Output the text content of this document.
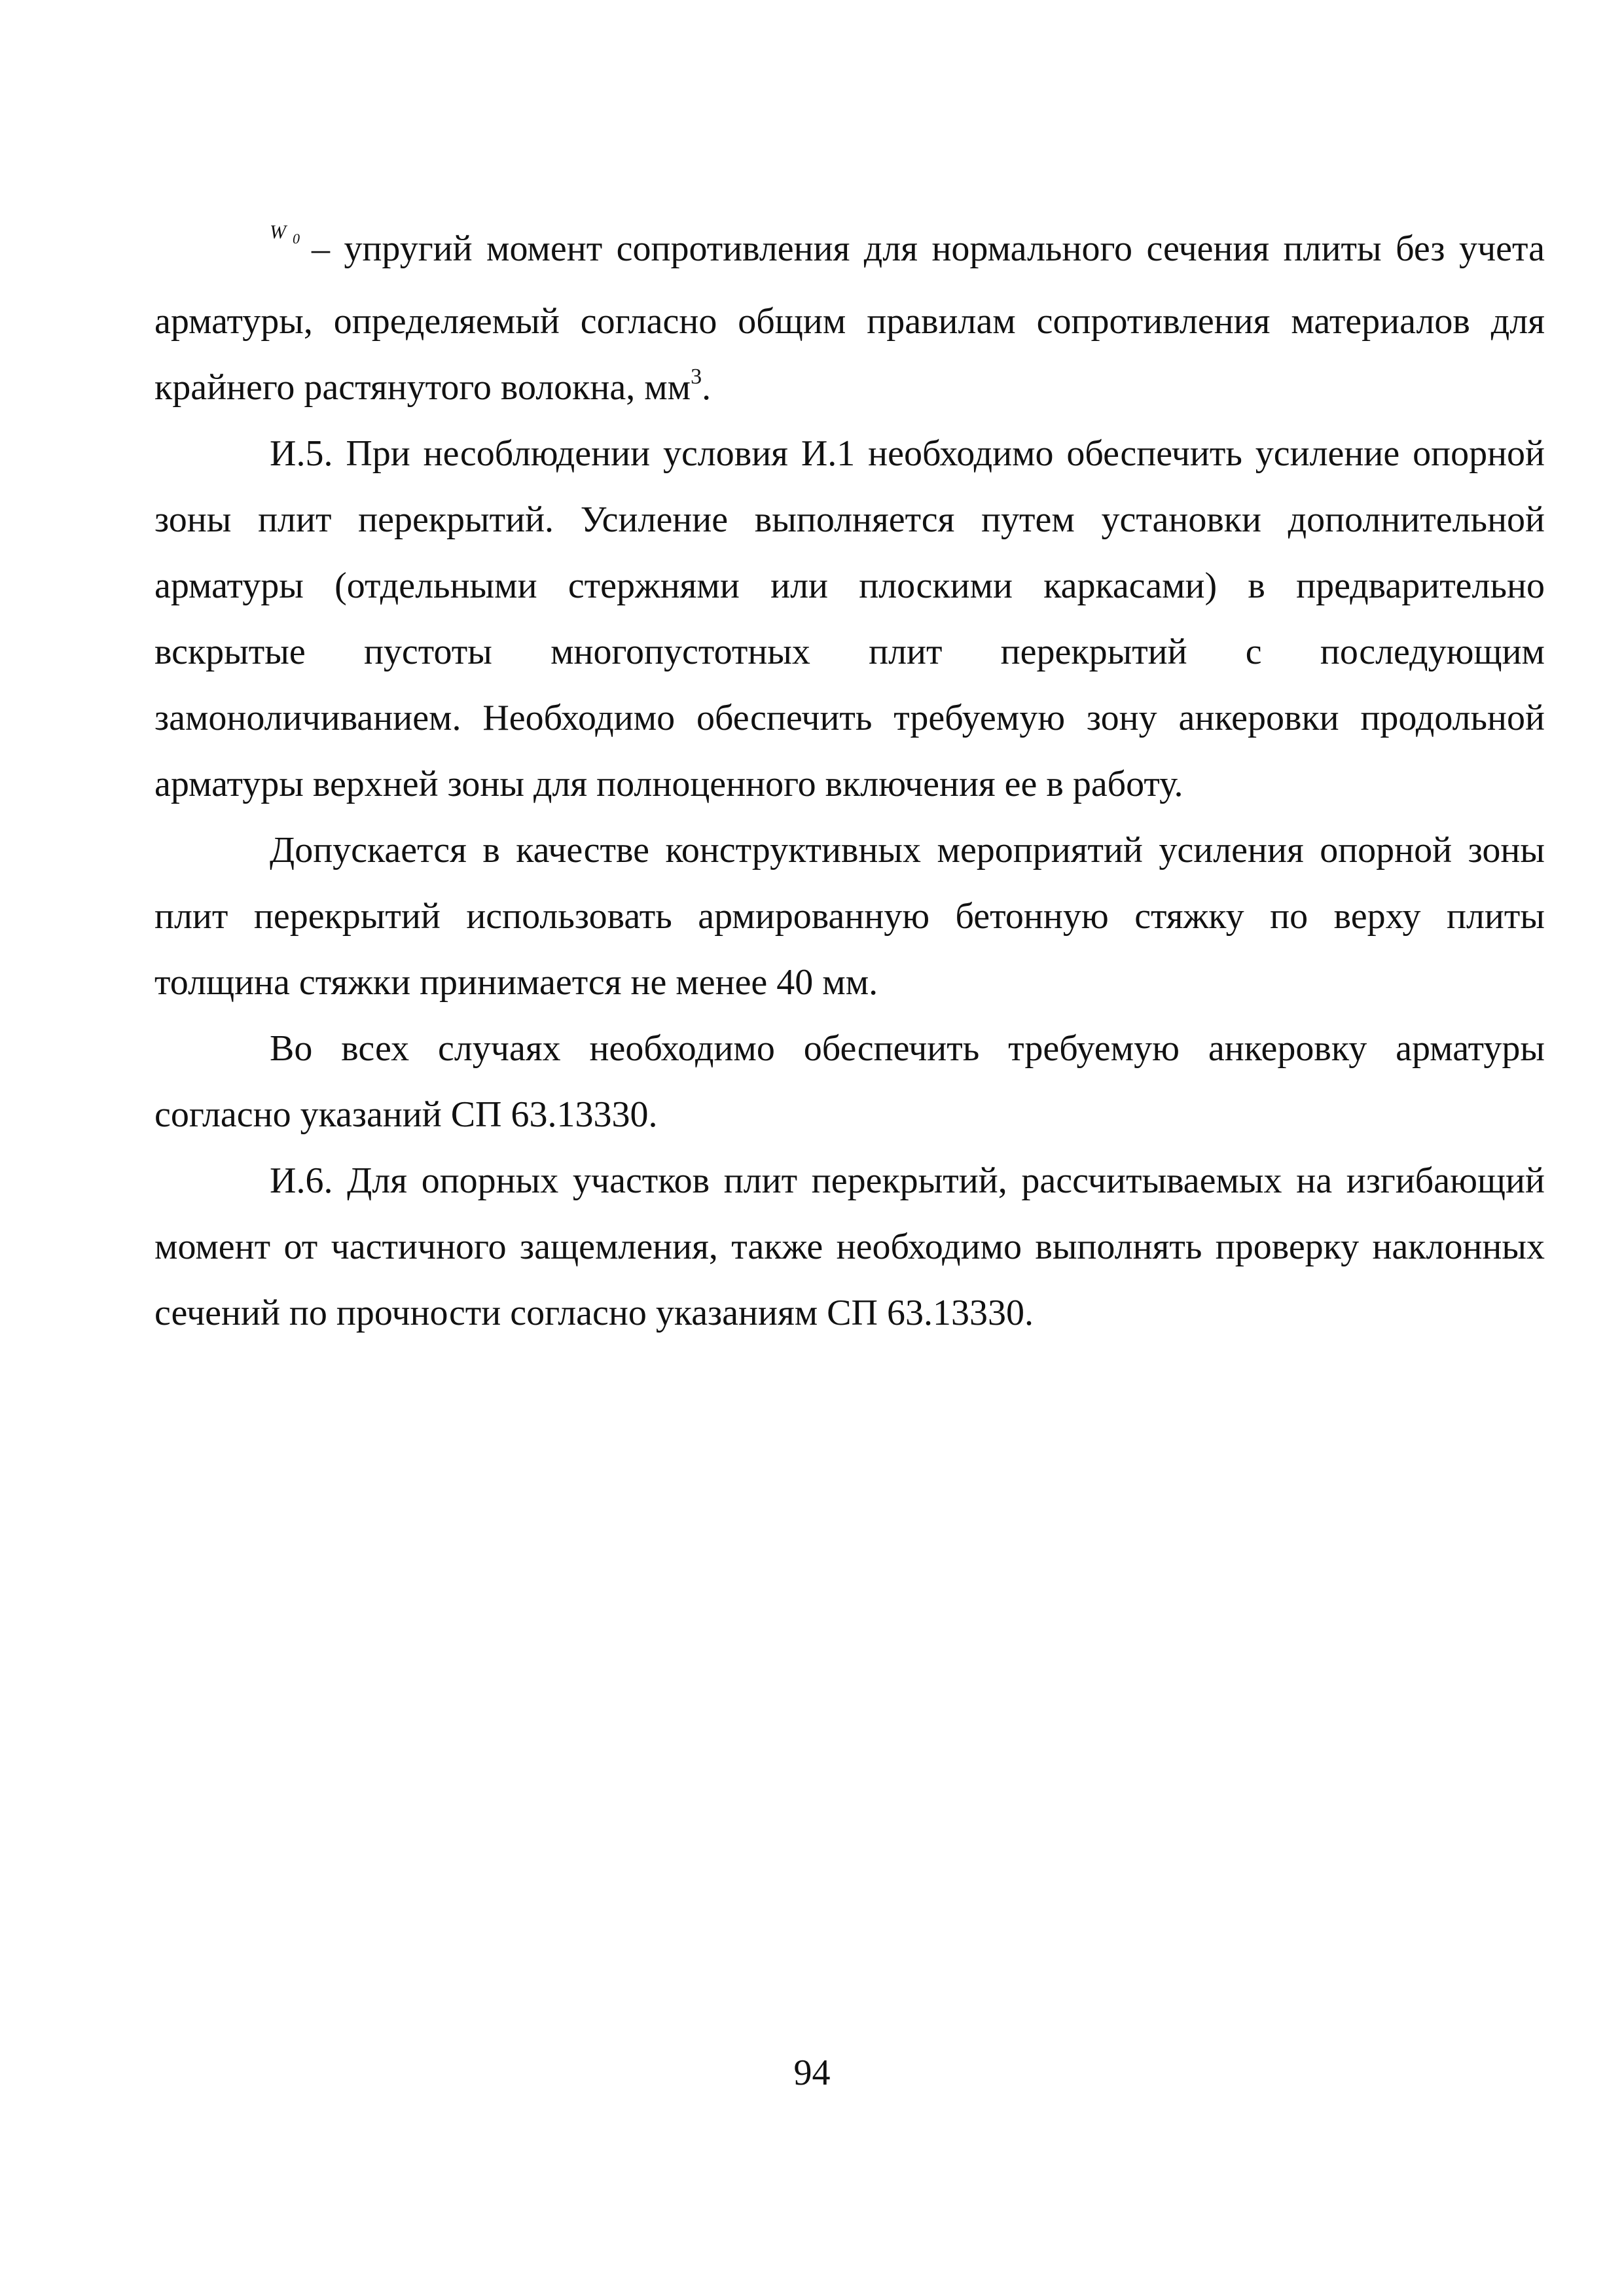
$^{W _0}$ – упругий момент сопротивления для нормального сечения плиты без учета арматуры, определяемый согласно общим правилам сопротивления материалов для крайнего растянутого волокна, $мм^3$.

И.5. При несоблюдении условия И.1 необходимо обеспечить усиление опорной зоны плит перекрытий. Усиление выполняется путем установки дополнительной арматуры (отдельными стержнями или плоскими каркасами) в предварительно вскрытые пустоты многопустотных плит перекрытий с последующим замоноличиванием. Необходимо обеспечить требуемую зону анкеровки продольной арматуры верхней зоны для полноценного включения ее в работу.

Допускается в качестве конструктивных мероприятий усиления опорной зоны плит перекрытий использовать армированную бетонную стяжку по верху плиты толщина стяжки принимается не менее 40 мм.

Во всех случаях необходимо обеспечить требуемую анкеровку арматуры согласно указаний СП 63.13330.

И.6. Для опорных участков плит перекрытий, рассчитываемых на изгибающий момент от частичного защемления, также необходимо выполнять проверку наклонных сечений по прочности согласно указаниям СП 63.13330.

94
